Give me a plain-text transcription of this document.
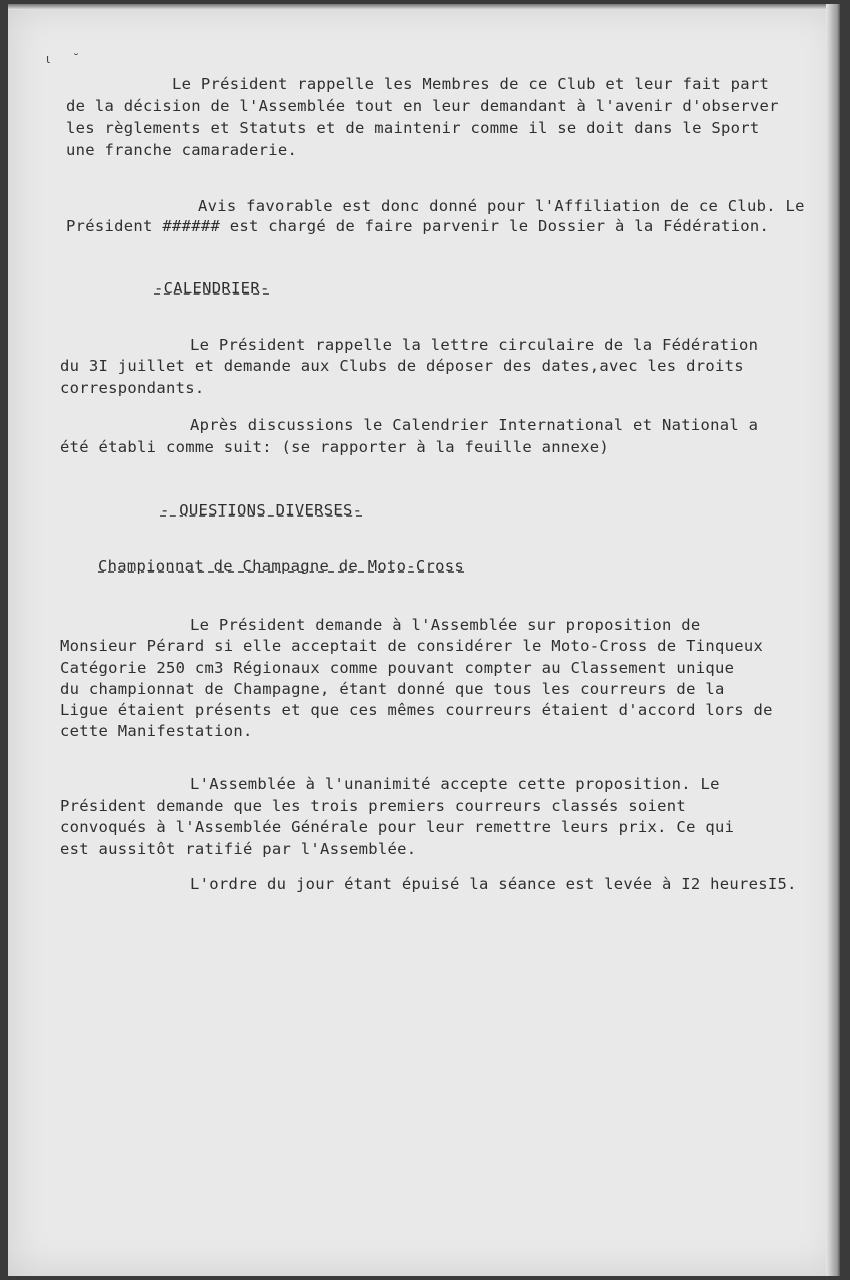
ι      ˘
Le Président rappelle les Membres de ce Club et leur fait part
de la décision de l'Assemblée tout en leur demandant à l'avenir d'observer
les règlements et Statuts et de maintenir comme il se doit dans le Sport
une franche camaraderie.
Avis favorable est donc donné pour l'Affiliation de ce Club. Le
Président ###### est chargé de faire parvenir le Dossier à la Fédération.
-CALENDRIER-
Le Président rappelle la lettre circulaire de la Fédération
du 3I juillet et demande aux Clubs de déposer des dates,avec les droits
correspondants.
Après discussions le Calendrier International et National a
été établi comme suit: (se rapporter à la feuille annexe)
- QUESTIONS DIVERSES-
Championnat de Champagne de Moto-Cross
Le Président demande à l'Assemblée sur proposition de
Monsieur Pérard si elle acceptait de considérer le Moto-Cross de Tinqueux
Catégorie 250 cm3 Régionaux comme pouvant compter au Classement unique
du championnat de Champagne, étant donné que tous les courreurs de la
Ligue étaient présents et que ces mêmes courreurs étaient d'accord lors de
cette Manifestation.
L'Assemblée à l'unanimité accepte cette proposition. Le
Président demande que les trois premiers courreurs classés soient
convoqués à l'Assemblée Générale pour leur remettre leurs prix. Ce qui
est aussitôt ratifié par l'Assemblée.
L'ordre du jour étant épuisé la séance est levée à I2 heuresI5.
